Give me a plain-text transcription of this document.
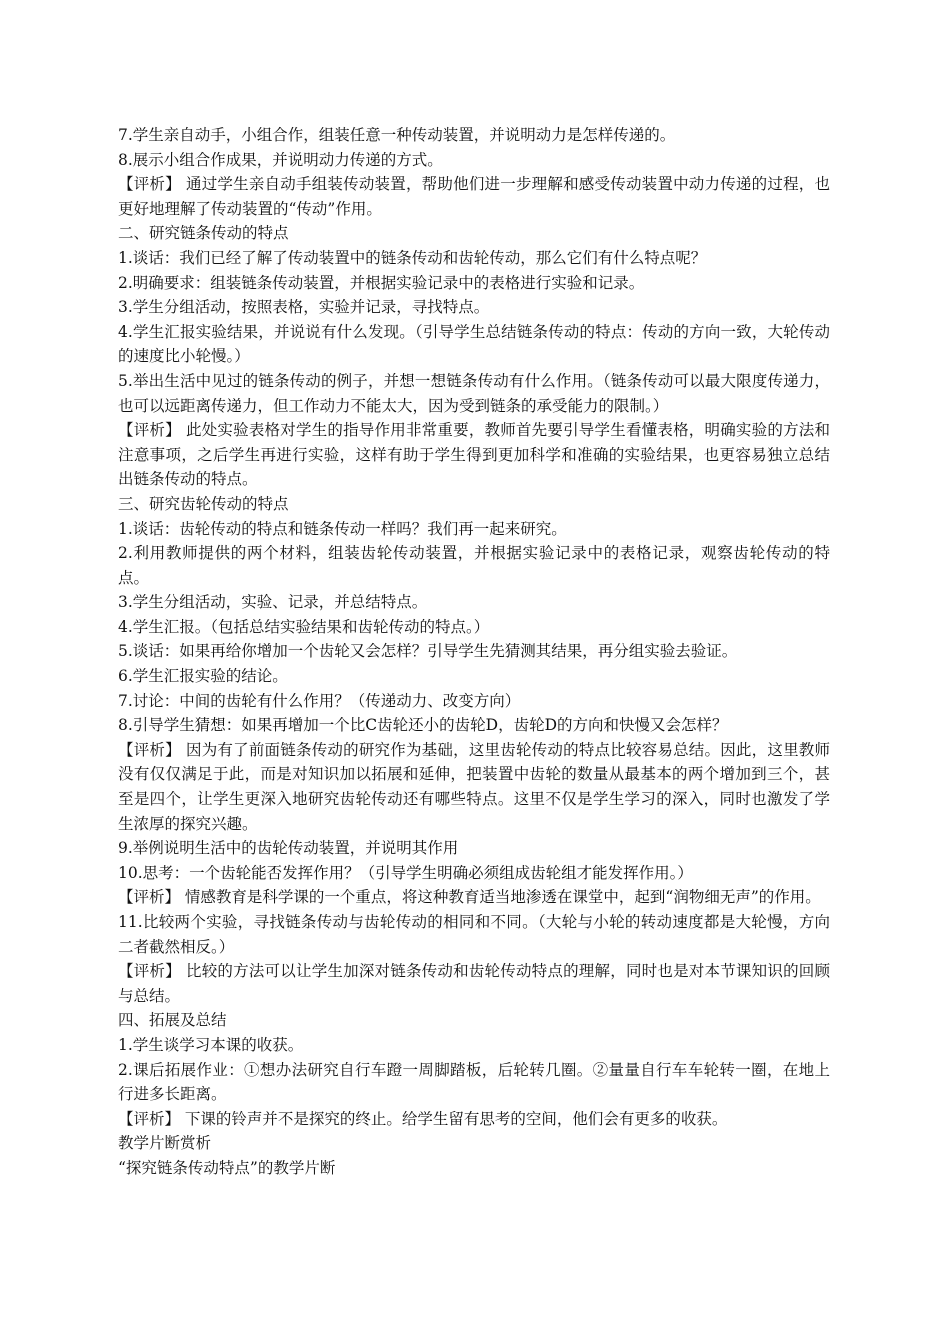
7.学生亲自动手，小组合作，组装任意一种传动装置，并说明动力是怎样传递的。

8.展示小组合作成果，并说明动力传递的方式。

【评析】 通过学生亲自动手组装传动装置，帮助他们进一步理解和感受传动装置中动力传递的过程，也更好地理解了传动装置的“传动”作用。

二、研究链条传动的特点

1.谈话：我们已经了解了传动装置中的链条传动和齿轮传动，那么它们有什么特点呢？

2.明确要求：组装链条传动装置，并根据实验记录中的表格进行实验和记录。

3.学生分组活动，按照表格，实验并记录，寻找特点。

4.学生汇报实验结果，并说说有什么发现。（引导学生总结链条传动的特点：传动的方向一致，大轮传动的速度比小轮慢。）

5.举出生活中见过的链条传动的例子，并想一想链条传动有什么作用。（链条传动可以最大限度传递力，也可以远距离传递力，但工作动力不能太大，因为受到链条的承受能力的限制。）

【评析】 此处实验表格对学生的指导作用非常重要，教师首先要引导学生看懂表格，明确实验的方法和注意事项，之后学生再进行实验，这样有助于学生得到更加科学和准确的实验结果，也更容易独立总结出链条传动的特点。

三、研究齿轮传动的特点

1.谈话：齿轮传动的特点和链条传动一样吗？我们再一起来研究。

2.利用教师提供的两个材料，组装齿轮传动装置，并根据实验记录中的表格记录，观察齿轮传动的特点。

3.学生分组活动，实验、记录，并总结特点。

4.学生汇报。（包括总结实验结果和齿轮传动的特点。）

5.谈话：如果再给你增加一个齿轮又会怎样？引导学生先猜测其结果，再分组实验去验证。

6.学生汇报实验的结论。

7.讨论：中间的齿轮有什么作用？（传递动力、改变方向）

8.引导学生猜想：如果再增加一个比C齿轮还小的齿轮D，齿轮D的方向和快慢又会怎样？

【评析】 因为有了前面链条传动的研究作为基础，这里齿轮传动的特点比较容易总结。因此，这里教师没有仅仅满足于此，而是对知识加以拓展和延伸，把装置中齿轮的数量从最基本的两个增加到三个，甚至是四个，让学生更深入地研究齿轮传动还有哪些特点。这里不仅是学生学习的深入，同时也激发了学生浓厚的探究兴趣。

9.举例说明生活中的齿轮传动装置，并说明其作用

10.思考：一个齿轮能否发挥作用？（引导学生明确必须组成齿轮组才能发挥作用。）

【评析】 情感教育是科学课的一个重点，将这种教育适当地渗透在课堂中，起到“润物细无声”的作用。

11.比较两个实验，寻找链条传动与齿轮传动的相同和不同。（大轮与小轮的转动速度都是大轮慢，方向二者截然相反。）

【评析】 比较的方法可以让学生加深对链条传动和齿轮传动特点的理解，同时也是对本节课知识的回顾与总结。

四、拓展及总结

1.学生谈学习本课的收获。

2.课后拓展作业：①想办法研究自行车蹬一周脚踏板，后轮转几圈。②量量自行车车轮转一圈，在地上行进多长距离。

【评析】 下课的铃声并不是探究的终止。给学生留有思考的空间，他们会有更多的收获。

教学片断赏析

“探究链条传动特点”的教学片断
